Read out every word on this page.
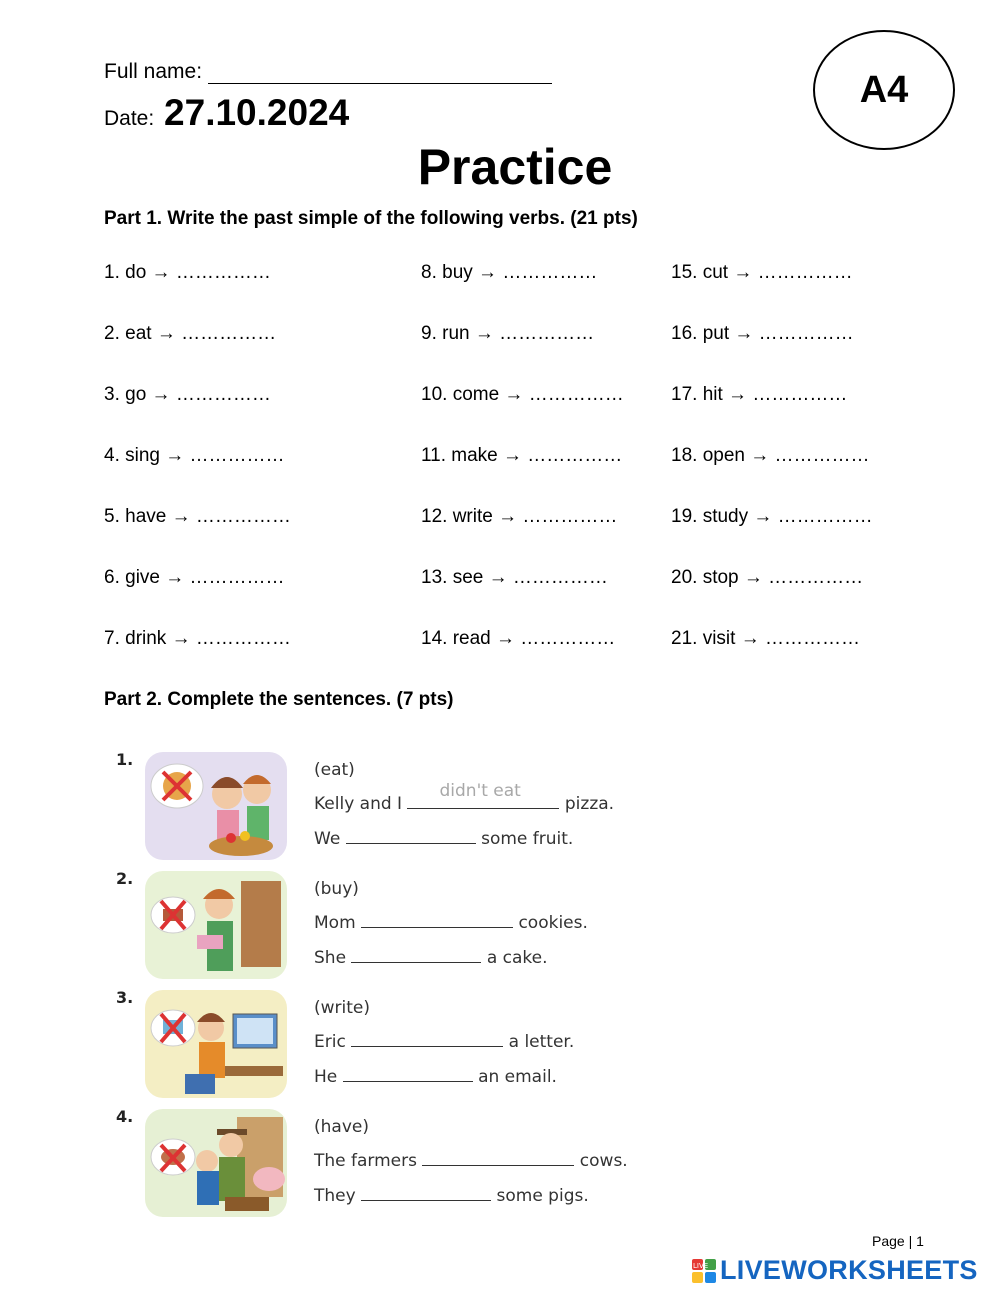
Full name:
Date: 27.10.2024
A4
Practice
Part 1. Write the past simple of the following verbs. (21 pts)
1. do → ……………
2. eat → ……………
3. go → ……………
4. sing → ……………
5. have → ……………
6. give → ……………
7. drink → ……………
8. buy → ……………
9. run → ……………
10. come → ……………
11. make → ……………
12. write → ……………
13. see → ……………
14. read → ……………
15. cut → ……………
16. put → ……………
17. hit → ……………
18. open → ……………
19. study → ……………
20. stop → ……………
21. visit → ……………
Part 2. Complete the sentences. (7 pts)
1.
(eat)
Kelly and I
didn't eat
pizza.
We	some fruit.
2.
(buy)
Mom	cookies.
She	a cake.
3.
(write)
Eric	a letter.
He	an email.
4.
(have)
The farmers	cows.
They	some pigs.
Page | 1
LIVE LIVEWORKSHEETS
